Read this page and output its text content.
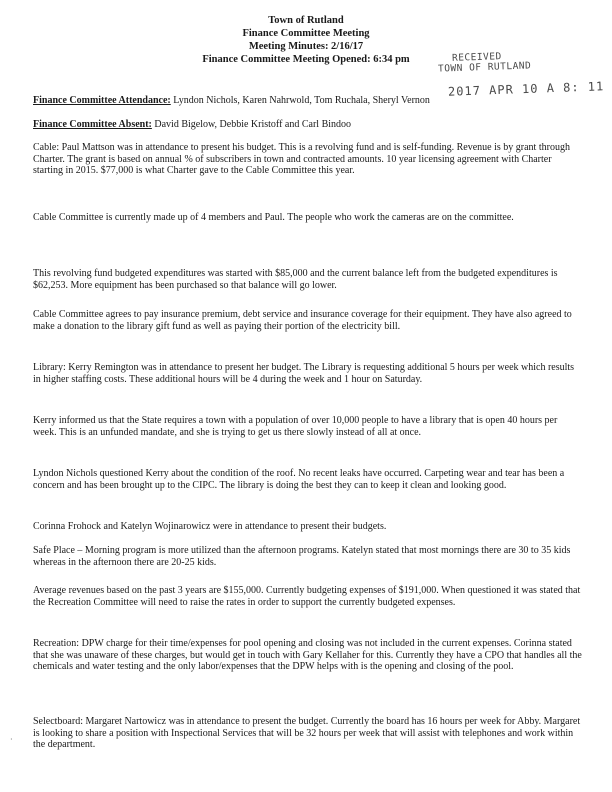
Town of Rutland
Finance Committee Meeting
Meeting Minutes: 2/16/17
Finance Committee Meeting Opened: 6:34 pm	RECEIVED
TOWN OF RUTLAND
2017 APR 10 A 8: 11
Finance Committee Attendance: Lyndon Nichols, Karen Nahrwold, Tom Ruchala, Sheryl Vernon
Finance Committee Absent: David Bigelow, Debbie Kristoff and Carl Bindoo

Cable: Paul Mattson was in attendance to present his budget. This is a revolving fund and is self-funding. Revenue is by grant through Charter. The grant is based on annual % of subscribers in town and contracted amounts. 10 year licensing agreement with Charter starting in 2015. $77,000 is what Charter gave to the Cable Committee this year.

Cable Committee is currently made up of 4 members and Paul. The people who work the cameras are on the committee.

This revolving fund budgeted expenditures was started with $85,000 and the current balance left from the budgeted expenditures is $62,253. More equipment has been purchased so that balance will go lower.

Cable Committee agrees to pay insurance premium, debt service and insurance coverage for their equipment. They have also agreed to make a donation to the library gift fund as well as paying their portion of the electricity bill.

Library: Kerry Remington was in attendance to present her budget. The Library is requesting additional 5 hours per week which results in higher staffing costs. These additional hours will be 4 during the week and 1 hour on Saturday.

Kerry informed us that the State requires a town with a population of over 10,000 people to have a library that is open 40 hours per week. This is an unfunded mandate, and she is trying to get us there slowly instead of all at once.

Lyndon Nichols questioned Kerry about the condition of the roof. No recent leaks have occurred. Carpeting wear and tear has been a concern and has been brought up to the CIPC. The library is doing the best they can to keep it clean and looking good.

Corinna Frohock and Katelyn Wojinarowicz were in attendance to present their budgets.

Safe Place – Morning program is more utilized than the afternoon programs. Katelyn stated that most mornings there are 30 to 35 kids whereas in the afternoon there are 20-25 kids.

Average revenues based on the past 3 years are $155,000. Currently budgeting expenses of $191,000. When questioned it was stated that the Recreation Committee will need to raise the rates in order to support the currently budgeted expenses.

Recreation: DPW charge for their time/expenses for pool opening and closing was not included in the current expenses. Corinna stated that she was unaware of these charges, but would get in touch with Gary Kellaher for this. Currently they have a CPO that handles all the chemicals and water testing and the only labor/expenses that the DPW helps with is the opening and closing of the pool.

Selectboard: Margaret Nartowicz was in attendance to present the budget. Currently the board has 16 hours per week for Abby. Margaret is looking to share a position with Inspectional Services that will be 32 hours per week that will assist with telephones and work within the department.

·
